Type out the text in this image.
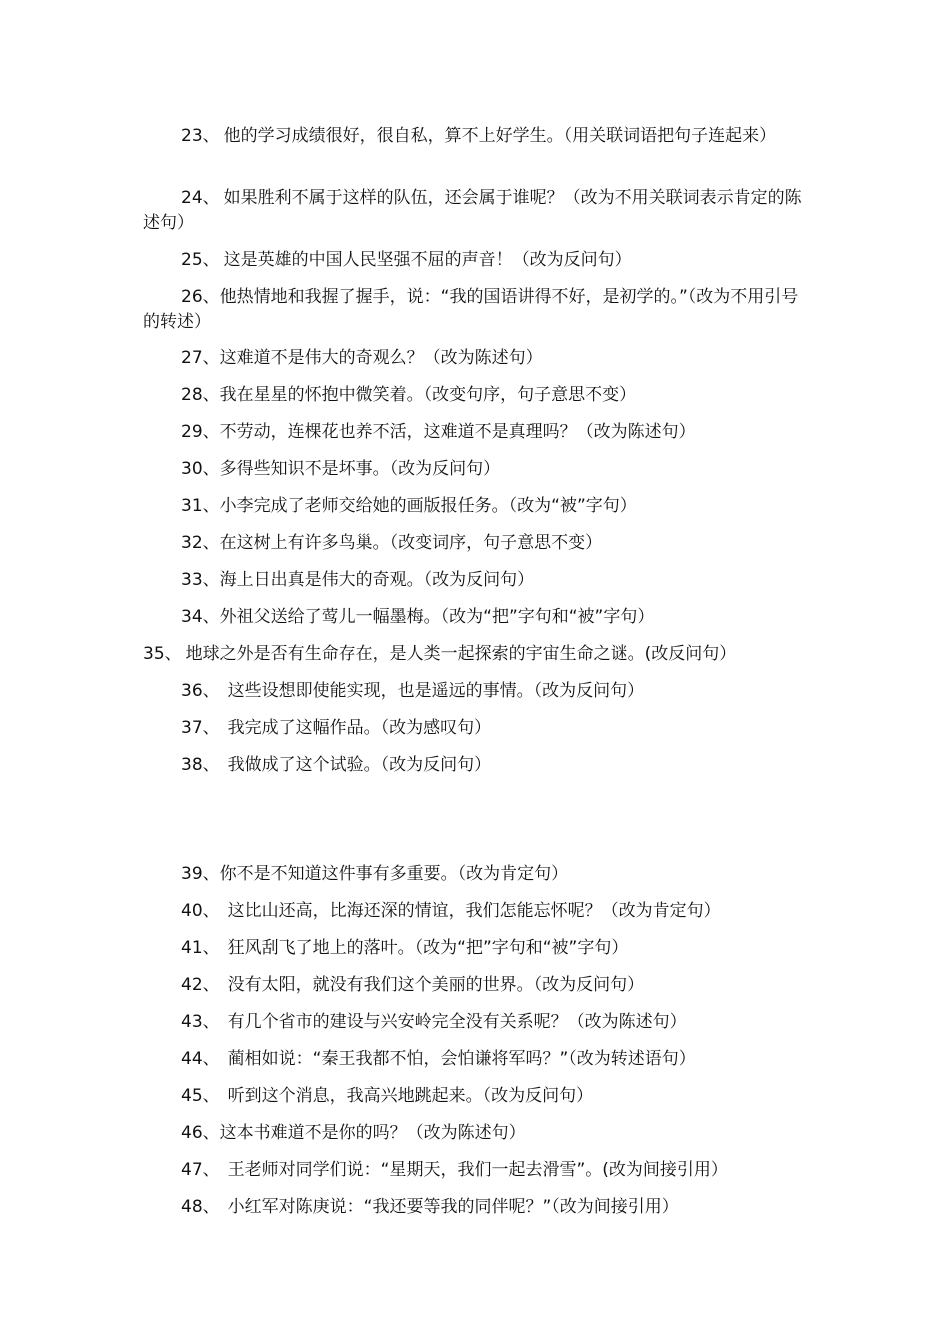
23、 他的学习成绩很好，很自私，算不上好学生。（用关联词语把句子连起来）

24、 如果胜利不属于这样的队伍，还会属于谁呢？（改为不用关联词表示肯定的陈述句）

25、 这是英雄的中国人民坚强不屈的声音！（改为反问句）

26、他热情地和我握了握手，说：“我的国语讲得不好，是初学的。”（改为不用引号的转述）

27、这难道不是伟大的奇观么？（改为陈述句）

28、我在星星的怀抱中微笑着。（改变句序，句子意思不变）

29、不劳动，连棵花也养不活，这难道不是真理吗？（改为陈述句）

30、多得些知识不是坏事。（改为反问句）

31、小李完成了老师交给她的画版报任务。（改为“被”字句）

32、在这树上有许多鸟巢。（改变词序，句子意思不变）

33、海上日出真是伟大的奇观。（改为反问句）

34、外祖父送给了莺儿一幅墨梅。（改为“把”字句和“被”字句）

35、 地球之外是否有生命存在，是人类一起探索的宇宙生命之谜。(改反问句）

36、 这些设想即使能实现，也是遥远的事情。（改为反问句）

37、 我完成了这幅作品。（改为感叹句）

38、 我做成了这个试验。（改为反问句）

39、你不是不知道这件事有多重要。（改为肯定句）

40、 这比山还高，比海还深的情谊，我们怎能忘怀呢？（改为肯定句）

41、 狂风刮飞了地上的落叶。（改为“把”字句和“被”字句）

42、 没有太阳，就没有我们这个美丽的世界。（改为反问句）

43、 有几个省市的建设与兴安岭完全没有关系呢？（改为陈述句）

44、 蔺相如说：“秦王我都不怕，会怕谦将军吗？”（改为转述语句）

45、 听到这个消息，我高兴地跳起来。（改为反问句）

46、这本书难道不是你的吗？（改为陈述句）

47、 王老师对同学们说：“星期天，我们一起去滑雪”。(改为间接引用）

48、 小红军对陈庚说：“我还要等我的同伴呢？”（改为间接引用）
